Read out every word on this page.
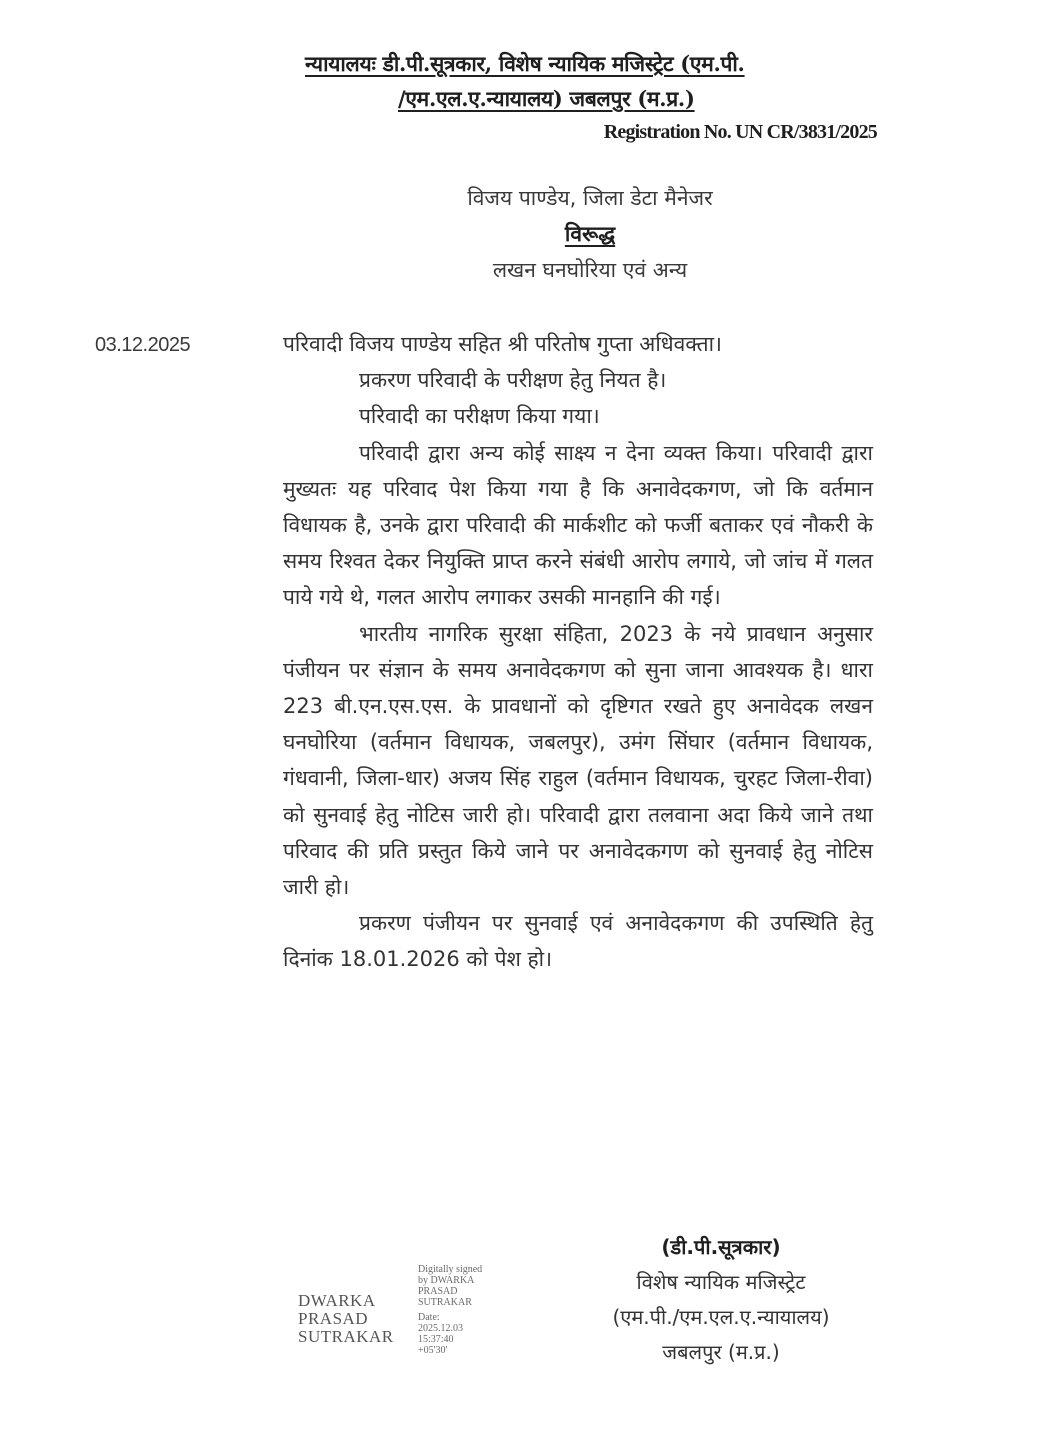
न्यायालयः डी.पी.सूत्रकार, विशेष न्यायिक मजिस्ट्रेट (एम.पी.
/एम.एल.ए.न्यायालय) जबलपुर (म.प्र.)
Registration No. UN CR/3831/2025
विजय पाण्डेय, जिला डेटा मैनेजर
विरूद्ध
लखन घनघोरिया एवं अन्य
03.12.2025	परिवादी विजय पाण्डेय सहित श्री परितोष गुप्ता अधिवक्ता।

प्रकरण परिवादी के परीक्षण हेतु नियत है।

परिवादी का परीक्षण किया गया।

परिवादी द्वारा अन्य कोई साक्ष्य न देना व्यक्त किया। परिवादी द्वारा मुख्यतः यह परिवाद पेश किया गया है कि अनावेदकगण, जो कि वर्तमान विधायक है, उनके द्वारा परिवादी की मार्कशीट को फर्जी बताकर एवं नौकरी के समय रिश्वत देकर नियुक्ति प्राप्त करने संबंधी आरोप लगाये, जो जांच में गलत पाये गये थे, गलत आरोप लगाकर उसकी मानहानि की गई।

भारतीय नागरिक सुरक्षा संहिता, 2023 के नये प्रावधान अनुसार पंजीयन पर संज्ञान के समय अनावेदकगण को सुना जाना आवश्यक है। धारा 223 बी.एन.एस.एस. के प्रावधानों को दृष्टिगत रखते हुए अनावेदक लखन घनघोरिया (वर्तमान विधायक, जबलपुर), उमंग सिंघार (वर्तमान विधायक, गंधवानी, जिला-धार) अजय सिंह राहुल (वर्तमान विधायक, चुरहट जिला-रीवा) को सुनवाई हेतु नोटिस जारी हो। परिवादी द्वारा तलवाना अदा किये जाने तथा परिवाद की प्रति प्रस्तुत किये जाने पर अनावेदकगण को सुनवाई हेतु नोटिस जारी हो।

प्रकरण पंजीयन पर सुनवाई एवं अनावेदकगण की उपस्थिति हेतु दिनांक 18.01.2026 को पेश हो।

DWARKA
PRASAD
SUTRAKAR
Digitally signed
by DWARKA
PRASAD
SUTRAKAR
Date:
2025.12.03
15:37:40
+05'30'
(डी.पी.सूत्रकार)
विशेष न्यायिक मजिस्ट्रेट
(एम.पी./एम.एल.ए.न्यायालय)
जबलपुर (म.प्र.)
